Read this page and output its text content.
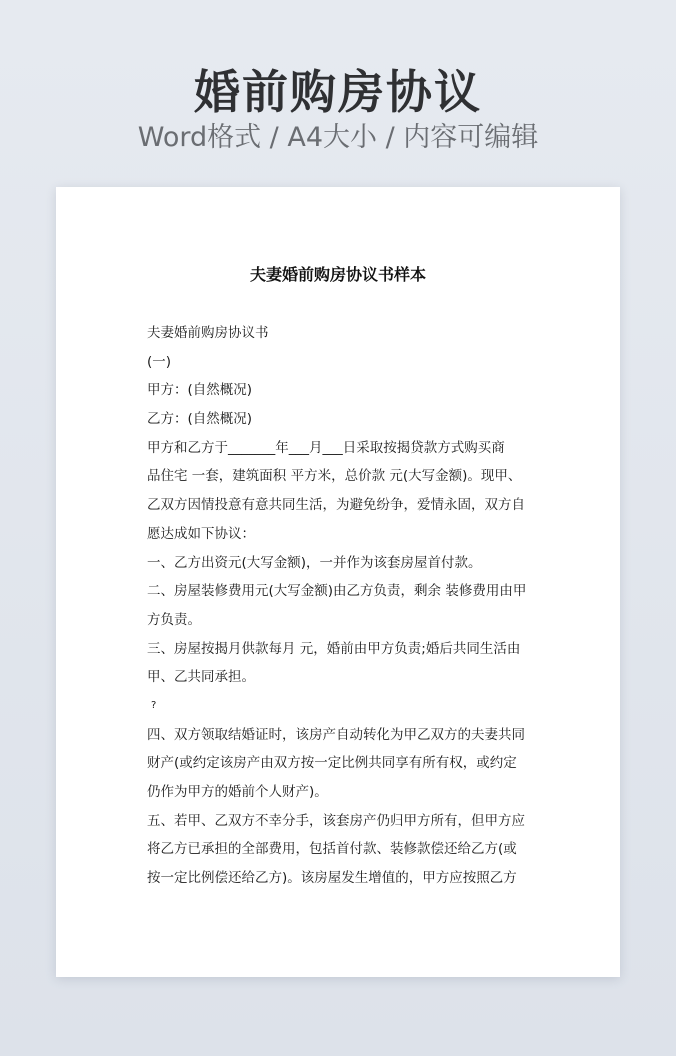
婚前购房协议
Word格式 / A4大小 / 内容可编辑
夫妻婚前购房协议书样本
夫妻婚前购房协议书
(一)
甲方：(自然概况)
乙方：(自然概况)
甲方和乙方于_______年___月___日采取按揭贷款方式购买商
品住宅 一套，建筑面积 平方米，总价款 元(大写金额)。现甲、
乙双方因情投意有意共同生活，为避免纷争，爱情永固，双方自
愿达成如下协议：
一、乙方出资元(大写金额)，一并作为该套房屋首付款。
二、房屋装修费用元(大写金额)由乙方负责，剩余 装修费用由甲
方负责。
三、房屋按揭月供款每月 元，婚前由甲方负责;婚后共同生活由
甲、乙共同承担。
?
四、双方领取结婚证时，该房产自动转化为甲乙双方的夫妻共同
财产(或约定该房产由双方按一定比例共同享有所有权，或约定
仍作为甲方的婚前个人财产)。
五、若甲、乙双方不幸分手，该套房产仍归甲方所有，但甲方应
将乙方已承担的全部费用，包括首付款、装修款偿还给乙方(或
按一定比例偿还给乙方)。该房屋发生增值的，甲方应按照乙方
